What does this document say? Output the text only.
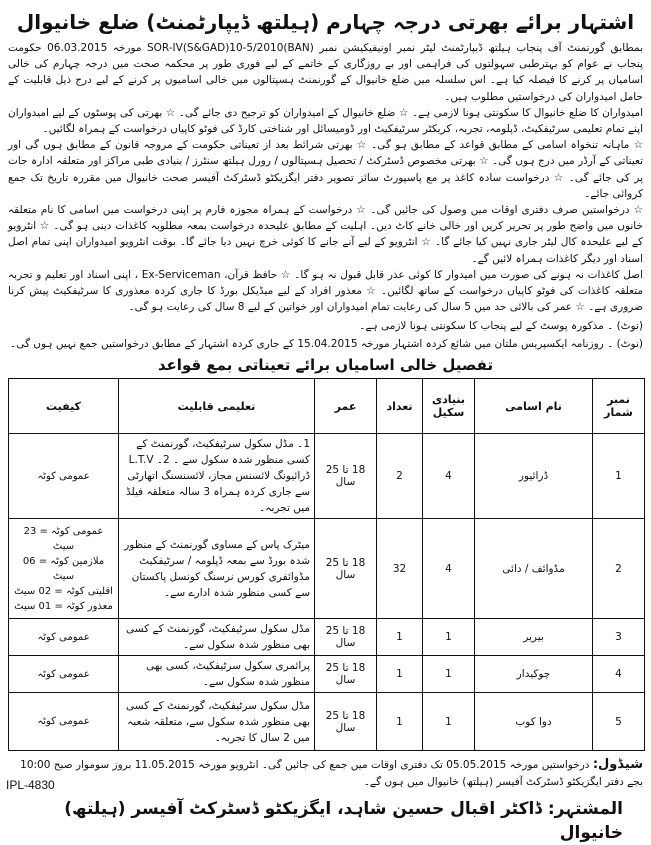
اشتہار برائے بھرتی درجہ چہارم (ہیلتھ ڈیپارٹمنٹ) ضلع خانیوال

بمطابق گورنمنٹ آف پنجاب ہیلتھ ڈیپارٹمنٹ لیٹر نمبر اونیفیکیشن نمبر SOR-IV(S&GAD)10-5/2010(BAN) مورخہ 06.03.2015 حکومت پنجاب نے عوام کو بہترطبی سہولتوں کی فراہمی اور بے روزگاری کے خاتمے کے لیے فوری طور پر محکمہ صحت میں درجہ چہارم کی خالی اسامیاں پر کرنے کا فیصلہ کیا ہے۔ اس سلسلہ میں ضلع خانیوال کے گورنمنٹ ہسپتالوں میں خالی اسامیوں پر کرنے کے لیے درج ذیل قابلیت کے حامل امیدواران کی درخواستیں مطلوب ہیں۔

امیدواران کا ضلع خانیوال کا سکونتی ہونا لازمی ہے۔ ☆ ضلع خانیوال کے امیدواران کو ترجیح دی جائے گی۔ ☆ بھرتی کی پوسٹوں کے لیے امیدواران اپنے تمام تعلیمی سرٹیفکیٹ، ڈپلومہ، تجربہ، کریکٹر سرٹیفکیٹ اور ڈومیسائل اور شناختی کارڈ کی فوٹو کاپیاں درخواست کے ہمراہ لگائیں۔

☆ ماہانہ تنخواہ اسامی کے مطابق قواعد کے مطابق ہو گی۔ ☆ بھرتی شرائط بعد از تعیناتی حکومت کے مروجہ قانون کے مطابق ہوں گی اور تعیناتی کے آرڈر میں درج ہوں گی۔ ☆ بھرتی مخصوص ڈسٹرکٹ / تحصیل ہسپتالوں / رورل ہیلتھ سنٹرز / بنیادی طبی مراکز اور متعلقہ ادارہ جات پر کی جائے گی۔ ☆ درخواست سادہ کاغذ پر مع پاسپورٹ سائز تصویر دفتر ایگزیکٹو ڈسٹرکٹ آفیسر صحت خانیوال میں مقررہ تاریخ تک جمع کروائی جائے۔

☆ درخواستیں صرف دفتری اوقات میں وصول کی جائیں گی۔ ☆ درخواست کے ہمراہ مجوزہ فارم پر اپنی درخواست میں اسامی کا نام متعلقہ خانوں میں واضح طور پر تحریر کریں اور خالی خانے کاٹ دیں۔ اہلیت کے مطابق علیحدہ درخواست بمعہ مطلوبہ کاغذات دینی ہو گی۔ ☆ انٹرویو کے لیے علیحدہ کال لیٹر جاری نہیں کیا جائے گا۔ ☆ انٹرویو کے لیے آنے جانے کا کوئی خرچ نہیں دیا جائے گا۔ بوقت انٹرویو امیدواران اپنی تمام اصل اسناد اور دیگر کاغذات ہمراہ لائیں گے۔

اصل کاغذات نہ ہونے کی صورت میں امیدوار کا کوئی عذر قابل قبول نہ ہو گا۔ ☆ حافظ قرآن، Ex-Serviceman ، اپنی اسناد اور تعلیم و تجربہ متعلقہ کاغذات کی فوٹو کاپیاں درخواست کے ساتھ لگائیں۔ ☆ معذور افراد کے لیے میڈیکل بورڈ کا جاری کردہ معذوری کا سرٹیفکیٹ پیش کرنا ضروری ہے۔ ☆ عمر کی بالائی حد میں 5 سال کی رعایت تمام امیدواران اور خواتین کے لیے 8 سال کی رعایت ہو گی۔

(نوٹ) ۔ مذکورہ پوسٹ کے لیے پنجاب کا سکونتی ہونا لازمی ہے۔

(نوٹ) ۔ روزنامہ ایکسپریس ملتان میں شائع کردہ اشتہار مورخہ 15.04.2015 کے جاری کردہ اشتہار کے مطابق درخواستیں جمع نہیں ہوں گی۔

تفصیل خالی اسامیاں برائے تعیناتی بمع قواعد
نمبر شمار	نام اسامی	بنیادی سکیل	تعداد	عمر	تعلیمی قابلیت	کیفیت
1	ڈرائیور	4	2	18 تا 25 سال	1۔ مڈل سکول سرٹیفکیٹ، گورنمنٹ کے کسی منظور شدہ سکول سے ۔ 2۔ L.T.V ڈرائیونگ لائسنس مجاز، لائسنسنگ اتھارٹی سے جاری کردہ ہمراہ 3 سالہ متعلقہ فیلڈ میں تجربہ۔	عمومی کوٹہ

2	مڈوائف / دائی	4	32	18 تا 25 سال	میٹرک پاس کے مساوی گورنمنٹ کے منظور شدہ بورڈ سے بمعہ ڈپلومہ / سرٹیفکیٹ مڈوائفری کورس نرسنگ کونسل پاکستان سے کسی منظور شدہ ادارے سے۔	عمومی کوٹہ = 23 سیٹ
ملازمین کوٹہ = 06 سیٹ
اقلیتی کوٹہ = 02 سیٹ
معذور کوٹہ = 01 سیٹ

3	بیریر	1	1	18 تا 25 سال	مڈل سکول سرٹیفکیٹ، گورنمنٹ کے کسی بھی منظور شدہ سکول سے۔	عمومی کوٹہ

4	چوکیدار	1	1	18 تا 25 سال	پرائمری سکول سرٹیفکیٹ، کسی بھی منظور شدہ سکول سے۔	عمومی کوٹہ

5	دوا کوب	1	1	18 تا 25 سال	مڈل سکول سرٹیفکیٹ، گورنمنٹ کے کسی بھی منظور شدہ سکول سے، متعلقہ شعبہ میں 2 سال کا تجربہ۔	عمومی کوٹہ
شیڈول: درخواستیں مورخہ 05.05.2015 تک دفتری اوقات میں جمع کی جائیں گی۔ انٹرویو مورخہ 11.05.2015 بروز سوموار صبح 10:00 بجے دفتر ایگزیکٹو ڈسٹرکٹ آفیسر (ہیلتھ) خانیوال میں ہوں گے۔
المشتہر: ڈاکٹر اقبال حسین شاہد، ایگزیکٹو ڈسٹرکٹ آفیسر (ہیلتھ) خانیوال
IPL-4830
